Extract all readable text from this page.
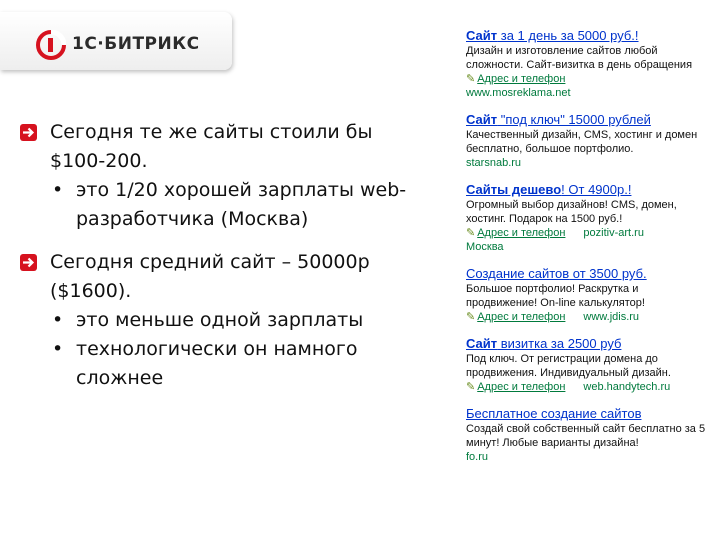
1С·БИТРИКС
Сегодня те же сайты стоили бы $100-200.
• это 1/20 хорошей зарплаты web-разработчика (Москва)
Сегодня средний сайт – 50000р ($1600).
• это меньше одной зарплаты
• технологически он намного сложнее
Сайт за 1 день за 5000 руб.!
Дизайн и изготовление сайтов любой сложности. Сайт-визитка в день обращения
✎ Адрес и телефон
www.mosreklama.net
Сайт "под ключ" 15000 рублей
Качественный дизайн, CMS, хостинг и домен бесплатно, большое портфолио.
starsnab.ru
Сайты дешево! От 4900р.!
Огромный выбор дизайнов! CMS, домен, хостинг. Подарок на 1500 руб.!
✎ Адрес и телефон pozitiv-art.ru
Москва
Создание сайтов от 3500 руб.
Большое портфолио! Раскрутка и продвижение! On-line калькулятор!
✎ Адрес и телефон www.jdis.ru
Сайт визитка за 2500 руб
Под ключ. От регистрации домена до продвижения. Индивидуальный дизайн.
✎ Адрес и телефон web.handytech.ru
Бесплатное создание сайтов
Создай свой собственный сайт бесплатно за 5 минут! Любые варианты дизайна!
fo.ru
